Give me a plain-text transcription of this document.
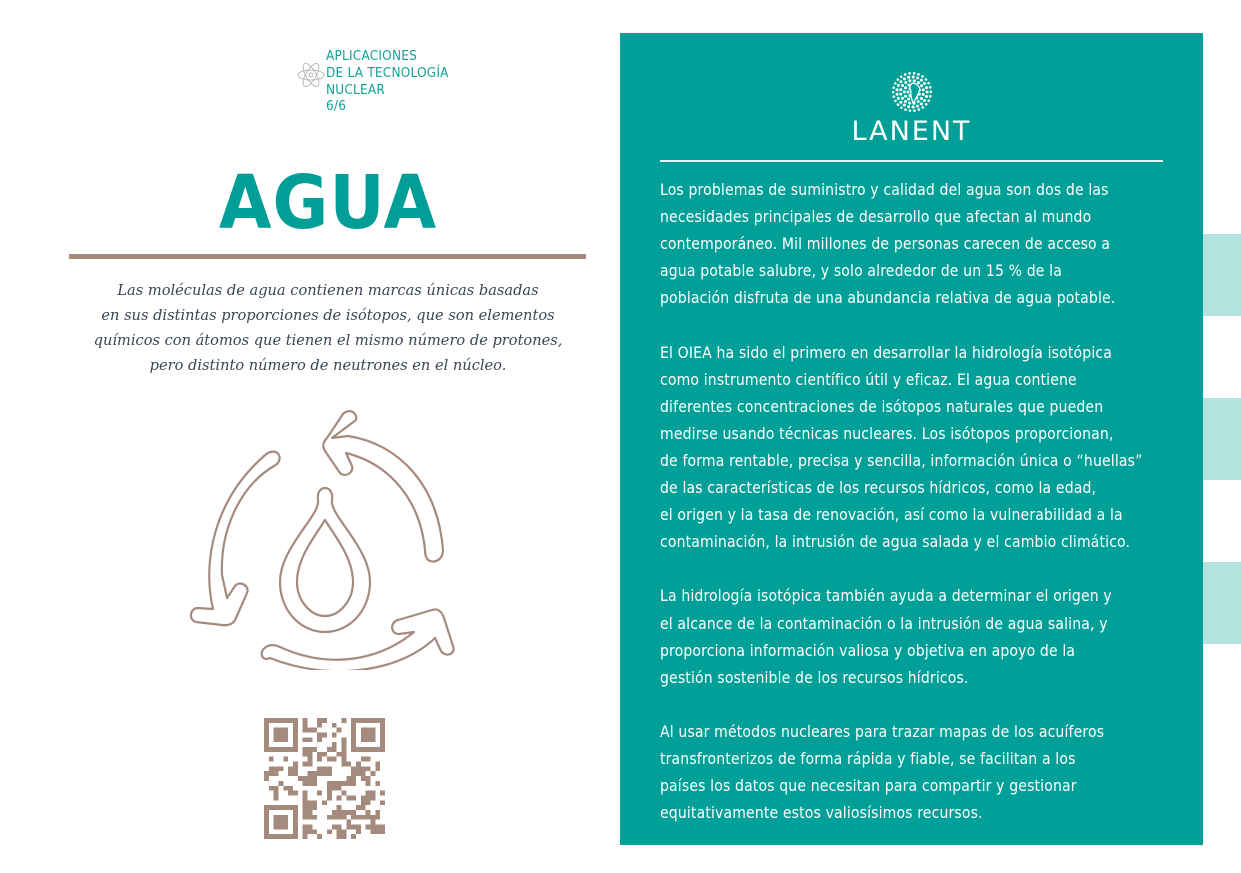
APLICACIONES
DE LA TECNOLOGÍA
NUCLEAR
6/6
AGUA
Las moléculas de agua contienen marcas únicas basadas
en sus distintas proporciones de isótopos, que son elementos
químicos con átomos que tienen el mismo número de protones,
pero distinto número de neutrones en el núcleo.
LANENT

Los problemas de suministro y calidad del agua son dos de las
necesidades principales de desarrollo que afectan al mundo
contemporáneo. Mil millones de personas carecen de acceso a
agua potable salubre, y solo alrededor de un 15 % de la
población disfruta de una abundancia relativa de agua potable.

El OIEA ha sido el primero en desarrollar la hidrología isotópica
como instrumento científico útil y eficaz. El agua contiene
diferentes concentraciones de isótopos naturales que pueden
medirse usando técnicas nucleares. Los isótopos proporcionan,
de forma rentable, precisa y sencilla, información única o “huellas”
de las características de los recursos hídricos, como la edad,
el origen y la tasa de renovación, así como la vulnerabilidad a la
contaminación, la intrusión de agua salada y el cambio climático.

La hidrología isotópica también ayuda a determinar el origen y
el alcance de la contaminación o la intrusión de agua salina, y
proporciona información valiosa y objetiva en apoyo de la
gestión sostenible de los recursos hídricos.

Al usar métodos nucleares para trazar mapas de los acuíferos
transfronterizos de forma rápida y fiable, se facilitan a los
países los datos que necesitan para compartir y gestionar
equitativamente estos valiosísimos recursos.
